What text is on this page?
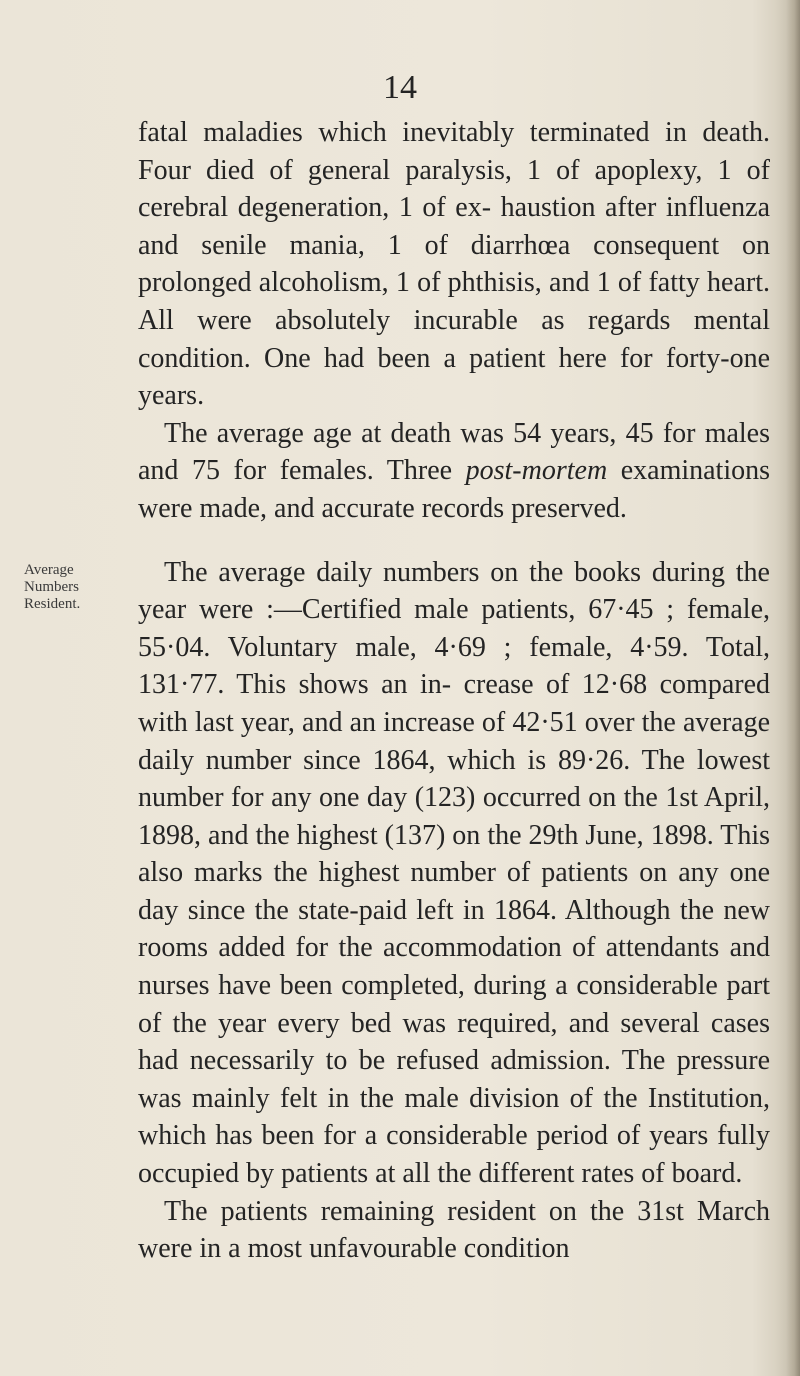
14
Average
Numbers
Resident.

fatal maladies which inevitably terminated in death. Four died of general paralysis, 1 of apoplexy, 1 of cerebral degeneration, 1 of ex- haustion after influenza and senile mania, 1 of diarrhœa consequent on prolonged alcoholism, 1 of phthisis, and 1 of fatty heart. All were absolutely incurable as regards mental condition. One had been a patient here for forty-one years.

The average age at death was 54 years, 45 for males and 75 for females. Three post-mortem examinations were made, and accurate records preserved.

The average daily numbers on the books during the year were :—Certified male patients, 67·45 ; female, 55·04. Voluntary male, 4·69 ; female, 4·59. Total, 131·77. This shows an in- crease of 12·68 compared with last year, and an increase of 42·51 over the average daily number since 1864, which is 89·26. The lowest number for any one day (123) occurred on the 1st April, 1898, and the highest (137) on the 29th June, 1898. This also marks the highest number of patients on any one day since the state-paid left in 1864. Although the new rooms added for the accommodation of attendants and nurses have been completed, during a considerable part of the year every bed was required, and several cases had necessarily to be refused admission. The pressure was mainly felt in the male division of the Institution, which has been for a considerable period of years fully occupied by patients at all the different rates of board.

The patients remaining resident on the 31st March were in a most unfavourable condition
